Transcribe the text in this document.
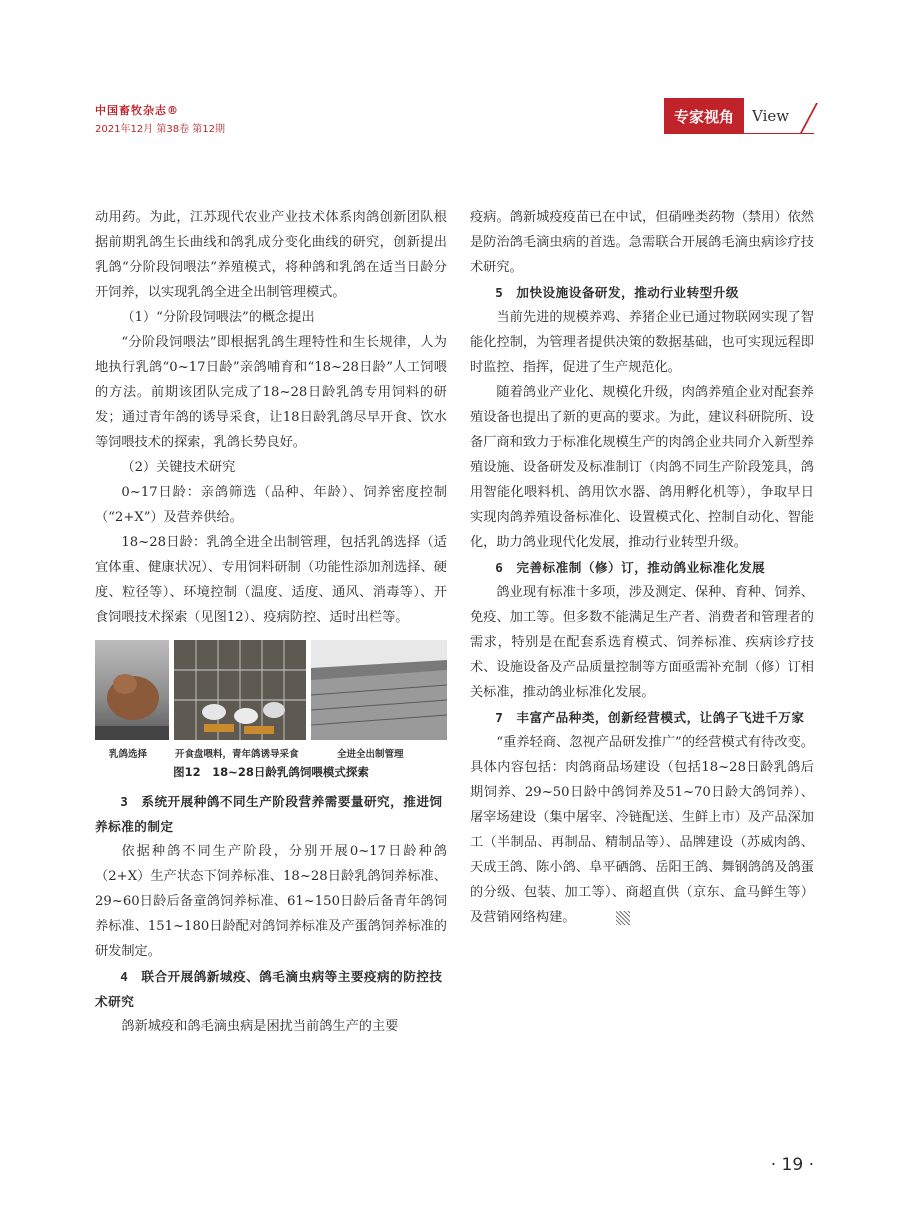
中国畜牧杂志®
2021年12月 第38卷 第12期
专家视角	View

动用药。为此，江苏现代农业产业技术体系肉鸽创新团队根据前期乳鸽生长曲线和鸽乳成分变化曲线的研究，创新提出乳鸽“分阶段饲喂法”养殖模式，将种鸽和乳鸽在适当日龄分开饲养，以实现乳鸽全进全出制管理模式。

（1）“分阶段饲喂法”的概念提出

“分阶段饲喂法”即根据乳鸽生理特性和生长规律，人为地执行乳鸽“0~17日龄”亲鸽哺育和“18~28日龄”人工饲喂的方法。前期该团队完成了18~28日龄乳鸽专用饲料的研发；通过青年鸽的诱导采食，让18日龄乳鸽尽早开食、饮水等饲喂技术的探索，乳鸽长势良好。

（2）关键技术研究

0~17日龄：亲鸽筛选（品种、年龄）、饲养密度控制（“2+X”）及营养供给。

18~28日龄：乳鸽全进全出制管理，包括乳鸽选择（适宜体重、健康状况）、专用饲料研制（功能性添加剂选择、硬度、粒径等）、环境控制（温度、适度、通风、消毒等）、开食饲喂技术探索（见图12）、疫病防控、适时出栏等。

乳鸽选择	开食盘喂料，青年鸽诱导采食	全进全出制管理
图12　18~28日龄乳鸽饲喂模式探索

3　系统开展种鸽不同生产阶段营养需要量研究，推进饲养标准的制定

依据种鸽不同生产阶段，分别开展0~17日龄种鸽（2+X）生产状态下饲养标准、18~28日龄乳鸽饲养标准、29~60日龄后备童鸽饲养标准、61~150日龄后备青年鸽饲养标准、151~180日龄配对鸽饲养标准及产蛋鸽饲养标准的研发制定。

4　联合开展鸽新城疫、鸽毛滴虫病等主要疫病的防控技术研究

鸽新城疫和鸽毛滴虫病是困扰当前鸽生产的主要

疫病。鸽新城疫疫苗已在中试，但硝唑类药物（禁用）依然是防治鸽毛滴虫病的首选。急需联合开展鸽毛滴虫病诊疗技术研究。

5　加快设施设备研发，推动行业转型升级

当前先进的规模养鸡、养猪企业已通过物联网实现了智能化控制，为管理者提供决策的数据基础，也可实现远程即时监控、指挥，促进了生产规范化。

随着鸽业产业化、规模化升级，肉鸽养殖企业对配套养殖设备也提出了新的更高的要求。为此，建议科研院所、设备厂商和致力于标准化规模生产的肉鸽企业共同介入新型养殖设施、设备研发及标准制订（肉鸽不同生产阶段笼具，鸽用智能化喂料机、鸽用饮水器、鸽用孵化机等），争取早日实现肉鸽养殖设备标准化、设置模式化、控制自动化、智能化，助力鸽业现代化发展，推动行业转型升级。

6　完善标准制（修）订，推动鸽业标准化发展

鸽业现有标准十多项，涉及测定、保种、育种、饲养、免疫、加工等。但多数不能满足生产者、消费者和管理者的需求，特别是在配套系选育模式、饲养标准、疾病诊疗技术、设施设备及产品质量控制等方面亟需补充制（修）订相关标准，推动鸽业标准化发展。

7　丰富产品种类，创新经营模式，让鸽子飞进千万家

“重养轻商、忽视产品研发推广”的经营模式有待改变。具体内容包括：肉鸽商品场建设（包括18~28日龄乳鸽后期饲养、29~50日龄中鸽饲养及51~70日龄大鸽饲养）、屠宰场建设（集中屠宰、冷链配送、生鲜上市）及产品深加工（半制品、再制品、精制品等）、品牌建设（苏威肉鸽、天成王鸽、陈小鸽、阜平硒鸽、岳阳王鸽、舞钢鸽鸽及鸽蛋的分级、包装、加工等）、商超直供（京东、盒马鲜生等）及营销网络构建。

· 19 ·
